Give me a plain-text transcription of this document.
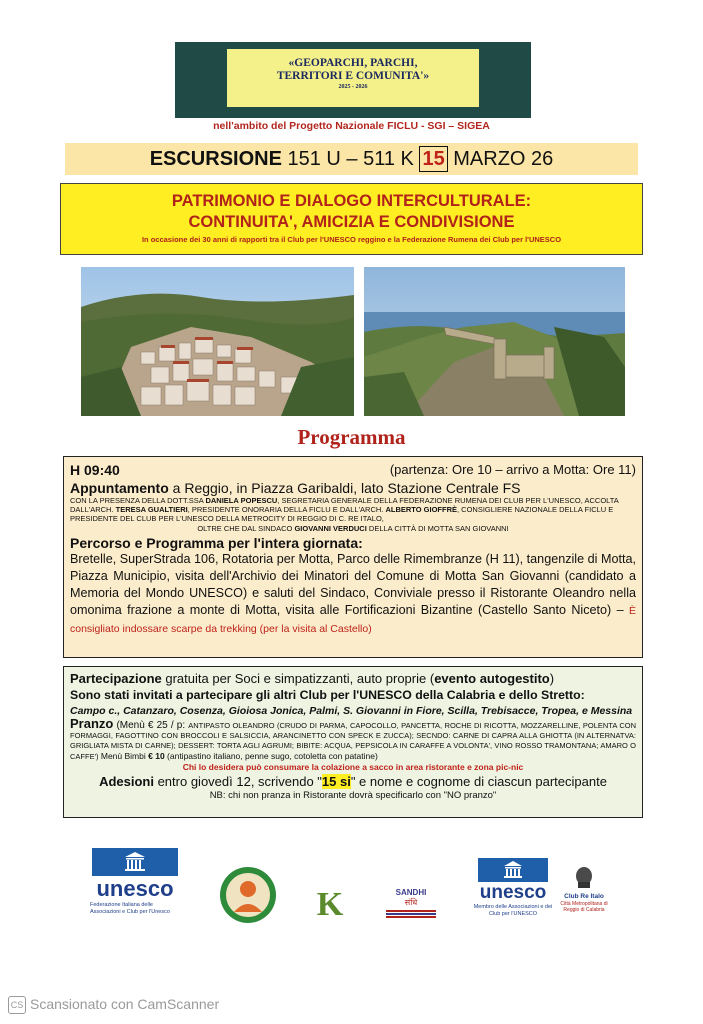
«GEOPARCHI, PARCHI,
TERRITORI E COMUNITA'»
2025 - 2026
nell'ambito del Progetto Nazionale FICLU - SGI – SIGEA
ESCURSIONE 151 U – 511 K 15 MARZO 26
PATRIMONIO E DIALOGO INTERCULTURALE:
CONTINUITA', AMICIZIA E CONDIVISIONE
In occasione dei 30 anni di rapporti tra il Club per l'UNESCO reggino e la Federazione Rumena dei Club per l'UNESCO
Programma
(partenza: Ore 10 – arrivo a Motta: Ore 11)
H 09:40
Appuntamento a Reggio, in Piazza Garibaldi, lato Stazione Centrale FS
CON LA PRESENZA DELLA DOTT.SSA DANIELA POPESCU, SEGRETARIA GENERALE DELLA FEDERAZIONE RUMENA DEI CLUB PER L'UNESCO, ACCOLTA DALL'ARCH. TERESA GUALTIERI, PRESIDENTE ONORARIA DELLA FICLU E DALL'ARCH. ALBERTO GIOFFRÈ, CONSIGLIERE NAZIONALE DELLA FICLU E PRESIDENTE DEL CLUB PER L'UNESCO DELLA METROCITY DI REGGIO DI C. RE ITALO,
OLTRE CHE DAL SINDACO GIOVANNI VERDUCI DELLA CITTÀ DI MOTTA SAN GIOVANNI
Percorso e Programma per l'intera giornata:
Bretelle, SuperStrada 106, Rotatoria per Motta, Parco delle Rimembranze (H 11), tangenzile di Motta, Piazza Municipio, visita dell'Archivio dei Minatori del Comune di Motta San Giovanni (candidato a Memoria del Mondo UNESCO) e saluti del Sindaco, Conviviale presso il Ristorante Oleandro nella omonima frazione a monte di Motta, visita alle Fortificazioni Bizantine (Castello Santo Niceto) – È consigliato indossare scarpe da trekking (per la visita al Castello)
Partecipazione gratuita per Soci e simpatizzanti, auto proprie (evento autogestito)
Sono stati invitati a partecipare gli altri Club per l'UNESCO della Calabria e dello Stretto:
Campo c., Catanzaro, Cosenza, Gioiosa Jonica, Palmi, S. Giovanni in Fiore, Scilla, Trebisacce, Tropea, e Messina
Pranzo (Menù € 25 / p: ANTIPASTO OLEANDRO (CRUDO DI PARMA, CAPOCOLLO, PANCETTA, ROCHE DI RICOTTA, MOZZARELLINE, POLENTA CON FORMAGGI, FAGOTTINO CON BROCCOLI E SALSICCIA, ARANCINETTO CON SPECK E ZUCCA); SECNDO: CARNE DI CAPRA ALLA GHIOTTA (IN ALTERNATVA: GRIGLIATA MISTA DI CARNE); DESSERT: TORTA AGLI AGRUMI; BIBITE: ACQUA, PEPSICOLA IN CARAFFE A VOLONTA', VINO ROSSO TRAMONTANA; AMARO O CAFFE') Menù Bimbi € 10 (antipastino italiano, penne sugo, cotoletta con patatine)
Chi lo desidera può consumare la colazione a sacco in area ristorante e zona pic-nic
Adesioni entro giovedì 12, scrivendo "15 si" e nome e cognome di ciascun partecipante
NB: chi non pranza in Ristorante dovrà specificarlo con "NO pranzo"
unesco
Federazione Italiana delle Associazioni e Club per l'Unesco	K	SANDHI
संधि	unesco
Membro delle Associazioni e dei Club per l'UNESCO
Club Re Italo
Città Metropolitana di Reggio di Calabria
CS Scansionato con CamScanner
